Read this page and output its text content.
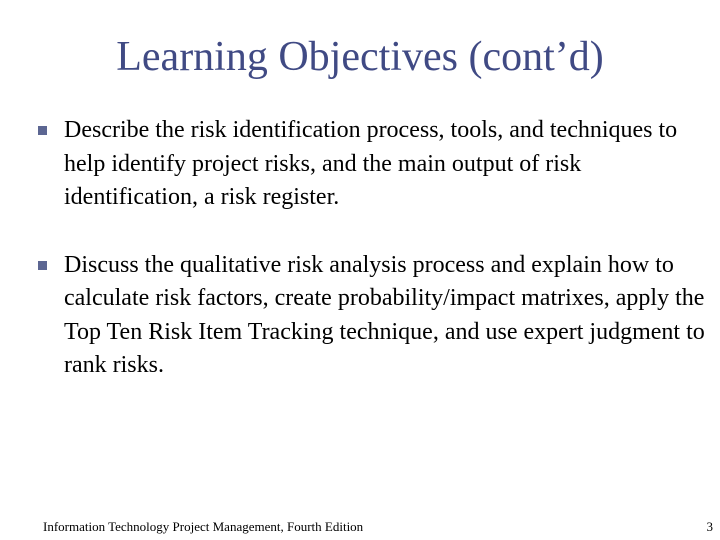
Learning Objectives (cont’d)
Describe the risk identification process, tools, and techniques to help identify project risks, and the main output of risk identification, a risk register.
Discuss the qualitative risk analysis process and explain how to calculate risk factors, create probability/impact matrixes, apply the Top Ten Risk Item Tracking technique, and use expert judgment to rank risks.
Information Technology Project Management, Fourth Edition	3
